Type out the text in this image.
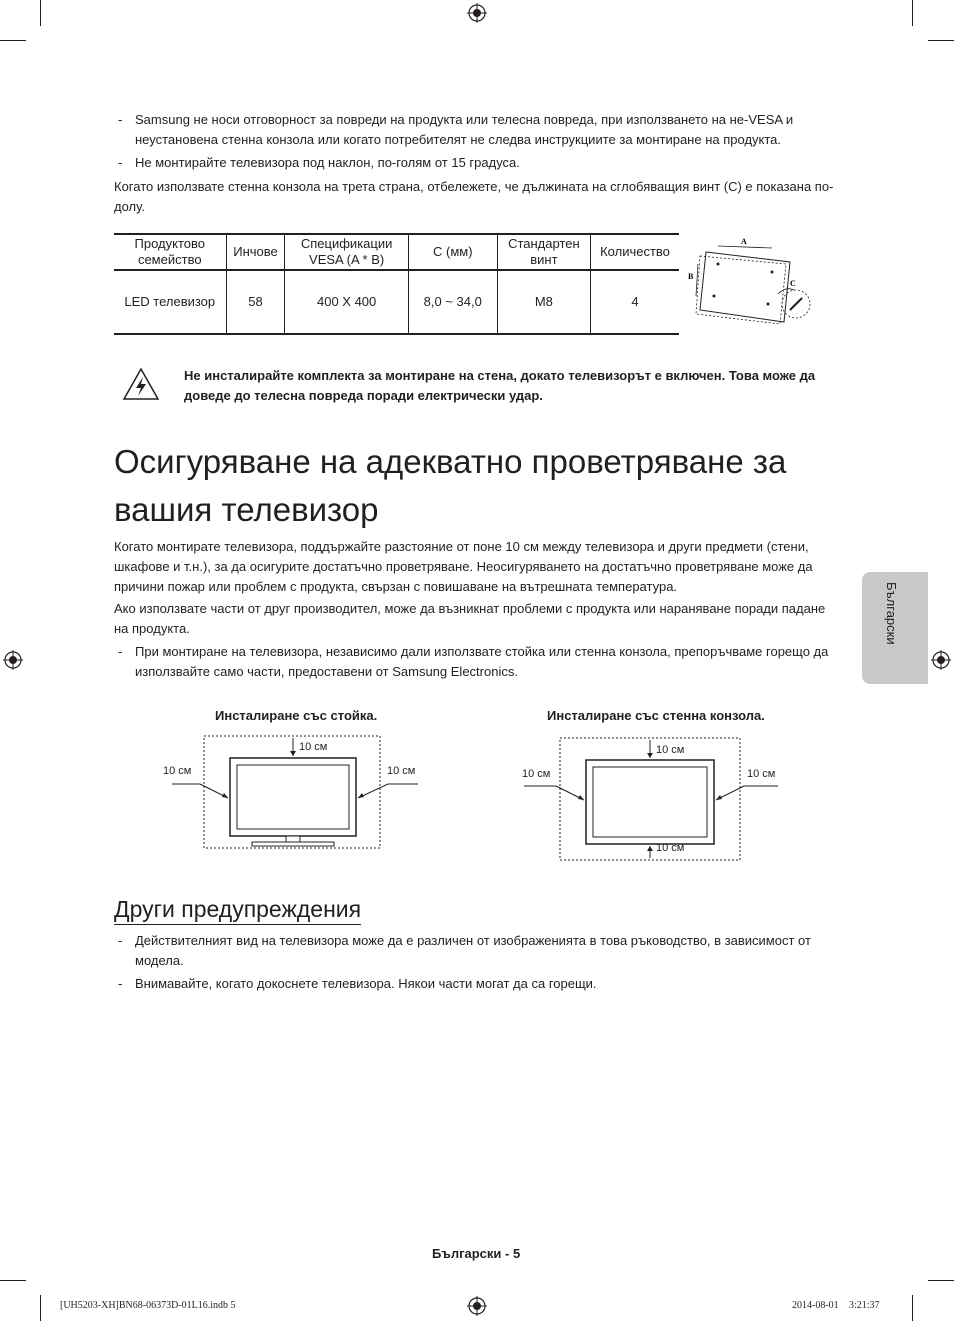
- Samsung не носи отговорност за повреди на продукта или телесна повреда, при използването на не-VESA и неустановена стенна конзола или когато потребителят не следва инструкциите за монтиране на продукта.
- Не монтирайте телевизора под наклон, по-голям от 15 градуса.
Когато използвате стенна конзола на трета страна, отбележете, че дължината на сглобяващия винт (C) е показана по-долу.
Продуктово семейство	Инчове	Спецификации VESA (A * B)	C (мм)	Стандартен винт	Количество
LED телевизор	58	400 X 400	8,0 ~ 34,0	M8	4
A
B
C
Не инсталирайте комплекта за монтиране на стена, докато телевизорът е включен. Това може да доведе до телесна повреда поради електрически удар.
Осигуряване на адекватно проветряване за вашия телевизор
Когато монтирате телевизора, поддържайте разстояние от поне 10 см между телевизора и други предмети (стени, шкафове и т.н.), за да осигурите достатъчно проветряване. Неосигуряването на достатъчно проветряване може да причини пожар или проблем с продукта, свързан с повишаване на вътрешната температура.
Ако използвате части от друг производител, може да възникнат проблеми с продукта или нараняване поради падане на продукта.
- При монтиране на телевизора, независимо дали използвате стойка или стенна конзола, препоръчваме горещо да използвайте само части, предоставени от Samsung Electronics.
Инсталиране със стойка.	Инсталиране със стенна конзола.
10 см
10 см	10 см
10 см
10 см	10 см
10 см
Други предупреждения
- Действителният вид на телевизора може да е различен от изображенията в това ръководство, в зависимост от модела.
- Внимавайте, когато докоснете телевизора. Някои части могат да са горещи.
Български
Български - 5
[UH5203-XH]BN68-06373D-01L16.indb 5	2014-08-01 ￿3:21:37
